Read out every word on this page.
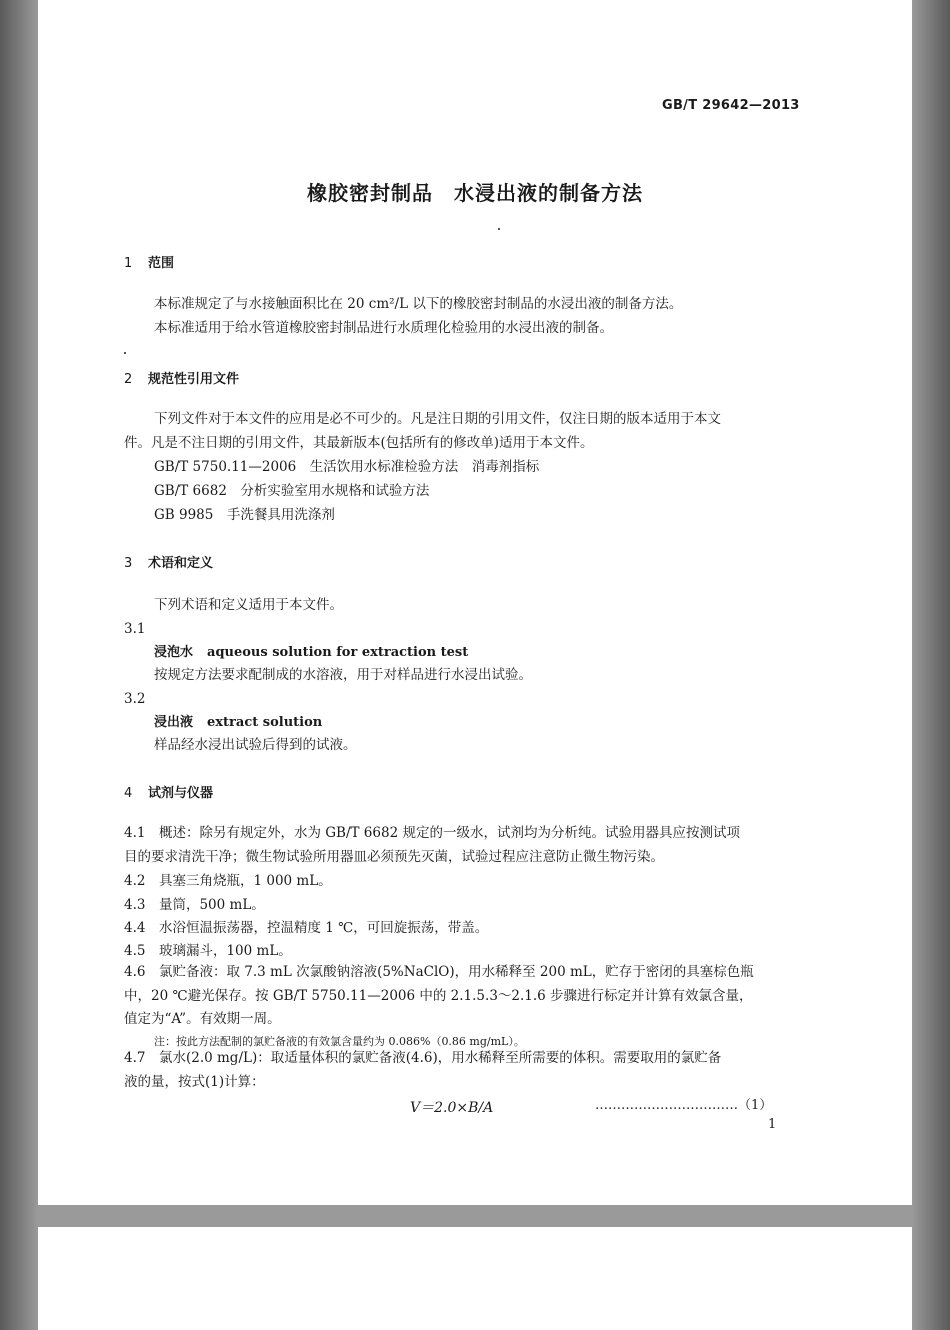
GB/T 29642—2013
橡胶密封制品　水浸出液的制备方法
1 范围
本标准规定了与水接触面积比在 20 cm²/L 以下的橡胶密封制品的水浸出液的制备方法。
本标准适用于给水管道橡胶密封制品进行水质理化检验用的水浸出液的制备。
2 规范性引用文件
下列文件对于本文件的应用是必不可少的。凡是注日期的引用文件，仅注日期的版本适用于本文
件。凡是不注日期的引用文件，其最新版本(包括所有的修改单)适用于本文件。
GB/T 5750.11—2006　生活饮用水标准检验方法　消毒剂指标
GB/T 6682　分析实验室用水规格和试验方法
GB 9985　手洗餐具用洗涤剂
3 术语和定义
下列术语和定义适用于本文件。
3.1
浸泡水 aqueous solution for extraction test
按规定方法要求配制成的水溶液，用于对样品进行水浸出试验。
3.2
浸出液 extract solution
样品经水浸出试验后得到的试液。
4 试剂与仪器
4.1　概述：除另有规定外，水为 GB/T 6682 规定的一级水，试剂均为分析纯。试验用器具应按测试项
目的要求清洗干净；微生物试验所用器皿必须预先灭菌，试验过程应注意防止微生物污染。
4.2　具塞三角烧瓶，1 000 mL。
4.3　量筒，500 mL。
4.4　水浴恒温振荡器，控温精度 1 ℃，可回旋振荡，带盖。
4.5　玻璃漏斗，100 mL。
4.6　氯贮备液：取 7.3 mL 次氯酸钠溶液(5%NaClO)，用水稀释至 200 mL，贮存于密闭的具塞棕色瓶
中，20 ℃避光保存。按 GB/T 5750.11—2006 中的 2.1.5.3～2.1.6 步骤进行标定并计算有效氯含量，
值定为“A”。有效期一周。
注：按此方法配制的氯贮备液的有效氯含量约为 0.086%（0.86 mg/mL）。
4.7　氯水(2.0 mg/L)：取适量体积的氯贮备液(4.6)，用水稀释至所需要的体积。需要取用的氯贮备
液的量，按式(1)计算：
V＝2.0×B/A	……………………………（1）
1
